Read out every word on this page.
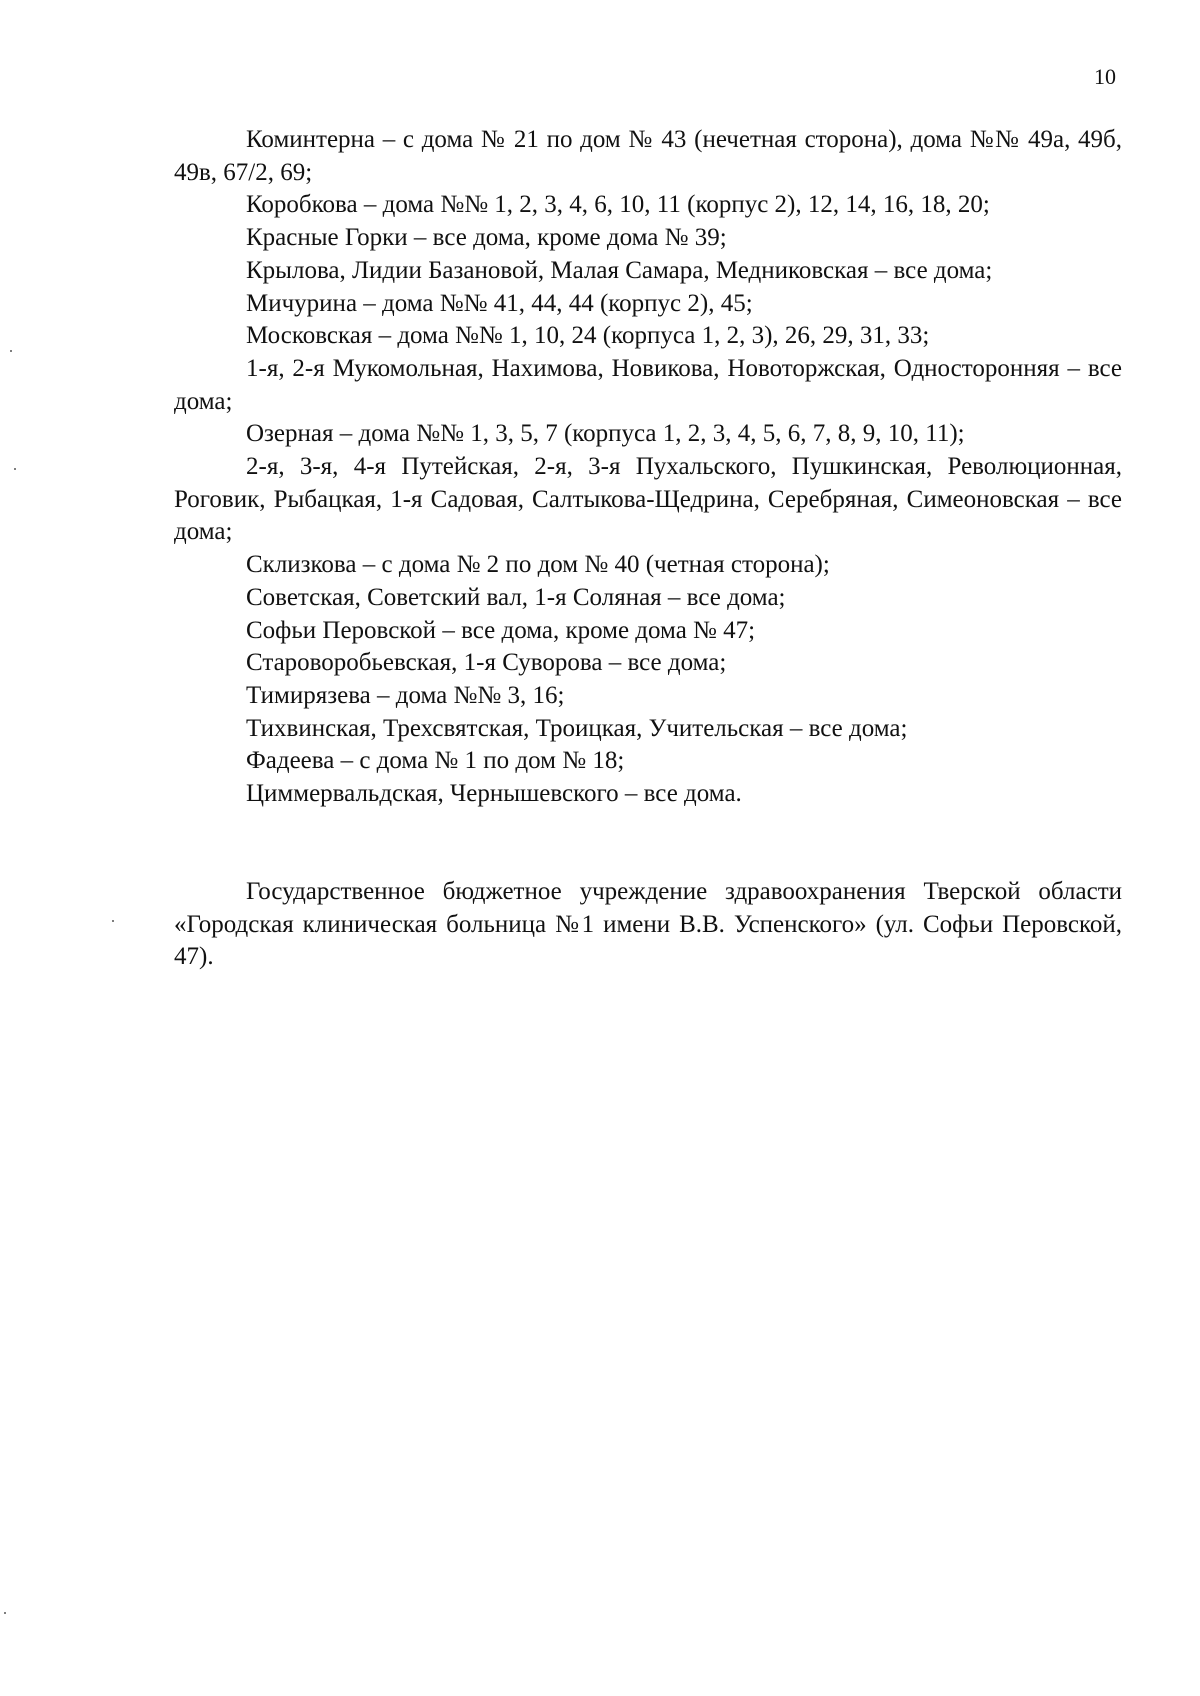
10

Коминтерна – с дома № 21 по дом № 43 (нечетная сторона), дома №№ 49а, 49б, 49в, 67/2, 69;

Коробкова – дома №№ 1, 2, 3, 4, 6, 10, 11 (корпус 2), 12, 14, 16, 18, 20;

Красные Горки – все дома, кроме дома № 39;

Крылова, Лидии Базановой, Малая Самара, Медниковская – все дома;

Мичурина – дома №№ 41, 44, 44 (корпус 2), 45;

Московская – дома №№ 1, 10, 24 (корпуса 1, 2, 3), 26, 29, 31, 33;

1-я, 2-я Мукомольная, Нахимова, Новикова, Новоторжская, Односторонняя – все дома;

Озерная – дома №№ 1, 3, 5, 7 (корпуса 1, 2, 3, 4, 5, 6, 7, 8, 9, 10, 11);

2-я, 3-я, 4-я Путейская, 2-я, 3-я Пухальского, Пушкинская, Революционная, Роговик, Рыбацкая, 1-я Садовая, Салтыкова-Щедрина, Серебряная, Симеоновская – все дома;

Склизкова – с дома № 2 по дом № 40 (четная сторона);

Советская, Советский вал, 1-я Соляная – все дома;

Софьи Перовской – все дома, кроме дома № 47;

Староворобьевская, 1-я Суворова – все дома;

Тимирязева – дома №№ 3, 16;

Тихвинская, Трехсвятская, Троицкая, Учительская – все дома;

Фадеева – с дома № 1 по дом № 18;

Циммервальдская, Чернышевского – все дома.

Государственное бюджетное учреждение здравоохранения Тверской области «Городская клиническая больница №1 имени В.В. Успенского» (ул. Софьи Перовской, 47).
